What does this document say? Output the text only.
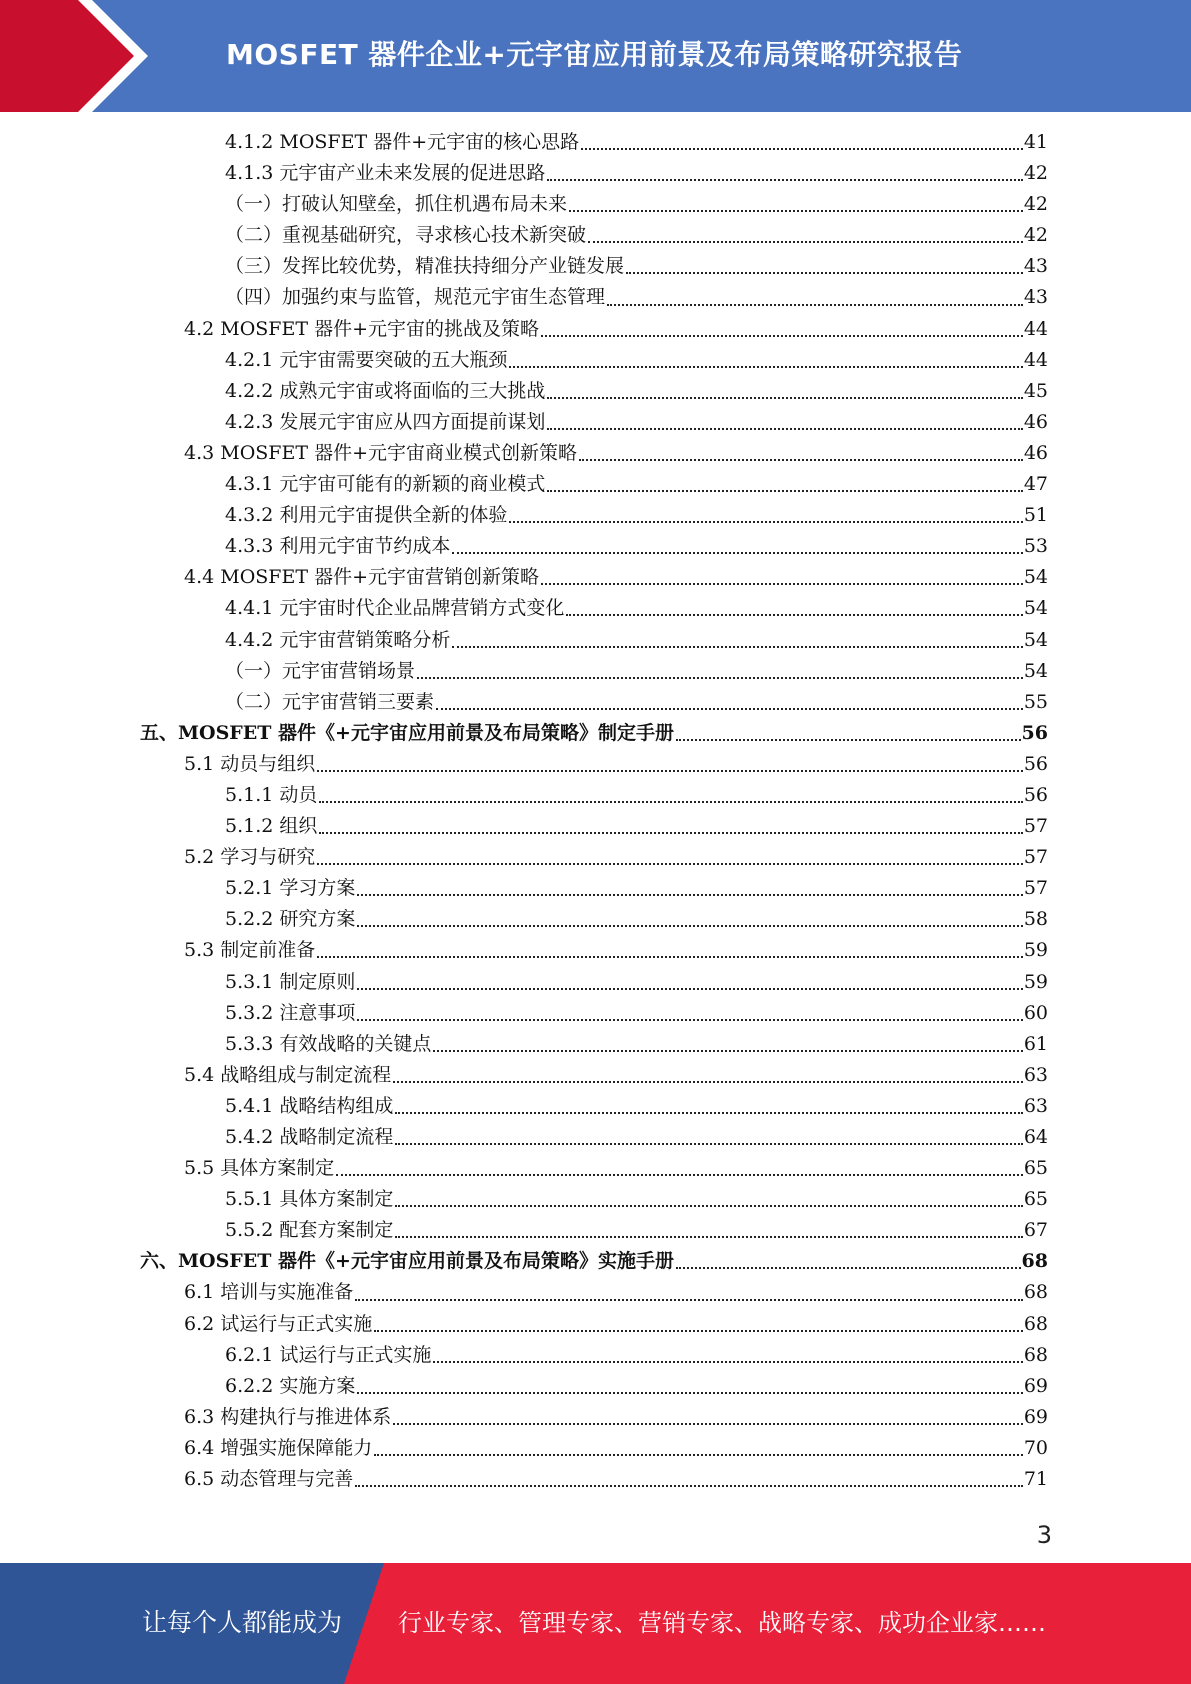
MOSFET 器件企业+元宇宙应用前景及布局策略研究报告
4.1.2 MOSFET 器件+元宇宙的核心思路	41
4.1.3 元宇宙产业未来发展的促进思路	42
（一）打破认知壁垒，抓住机遇布局未来	42
（二）重视基础研究，寻求核心技术新突破	42
（三）发挥比较优势，精准扶持细分产业链发展	43
（四）加强约束与监管，规范元宇宙生态管理	43
4.2 MOSFET 器件+元宇宙的挑战及策略	44
4.2.1 元宇宙需要突破的五大瓶颈	44
4.2.2 成熟元宇宙或将面临的三大挑战	45
4.2.3 发展元宇宙应从四方面提前谋划	46
4.3 MOSFET 器件+元宇宙商业模式创新策略	46
4.3.1 元宇宙可能有的新颖的商业模式	47
4.3.2 利用元宇宙提供全新的体验	51
4.3.3 利用元宇宙节约成本	53
4.4 MOSFET 器件+元宇宙营销创新策略	54
4.4.1 元宇宙时代企业品牌营销方式变化	54
4.4.2 元宇宙营销策略分析	54
（一）元宇宙营销场景	54
（二）元宇宙营销三要素	55
五、MOSFET 器件《+元宇宙应用前景及布局策略》制定手册	56
5.1 动员与组织	56
5.1.1 动员	56
5.1.2 组织	57
5.2 学习与研究	57
5.2.1 学习方案	57
5.2.2 研究方案	58
5.3 制定前准备	59
5.3.1 制定原则	59
5.3.2 注意事项	60
5.3.3 有效战略的关键点	61
5.4 战略组成与制定流程	63
5.4.1 战略结构组成	63
5.4.2 战略制定流程	64
5.5 具体方案制定	65
5.5.1 具体方案制定	65
5.5.2 配套方案制定	67
六、MOSFET 器件《+元宇宙应用前景及布局策略》实施手册	68
6.1 培训与实施准备	68
6.2 试运行与正式实施	68
6.2.1 试运行与正式实施	68
6.2.2 实施方案	69
6.3 构建执行与推进体系	69
6.4 增强实施保障能力	70
6.5 动态管理与完善	71
3
让每个人都能成为 行业专家、管理专家、营销专家、战略专家、成功企业家……
